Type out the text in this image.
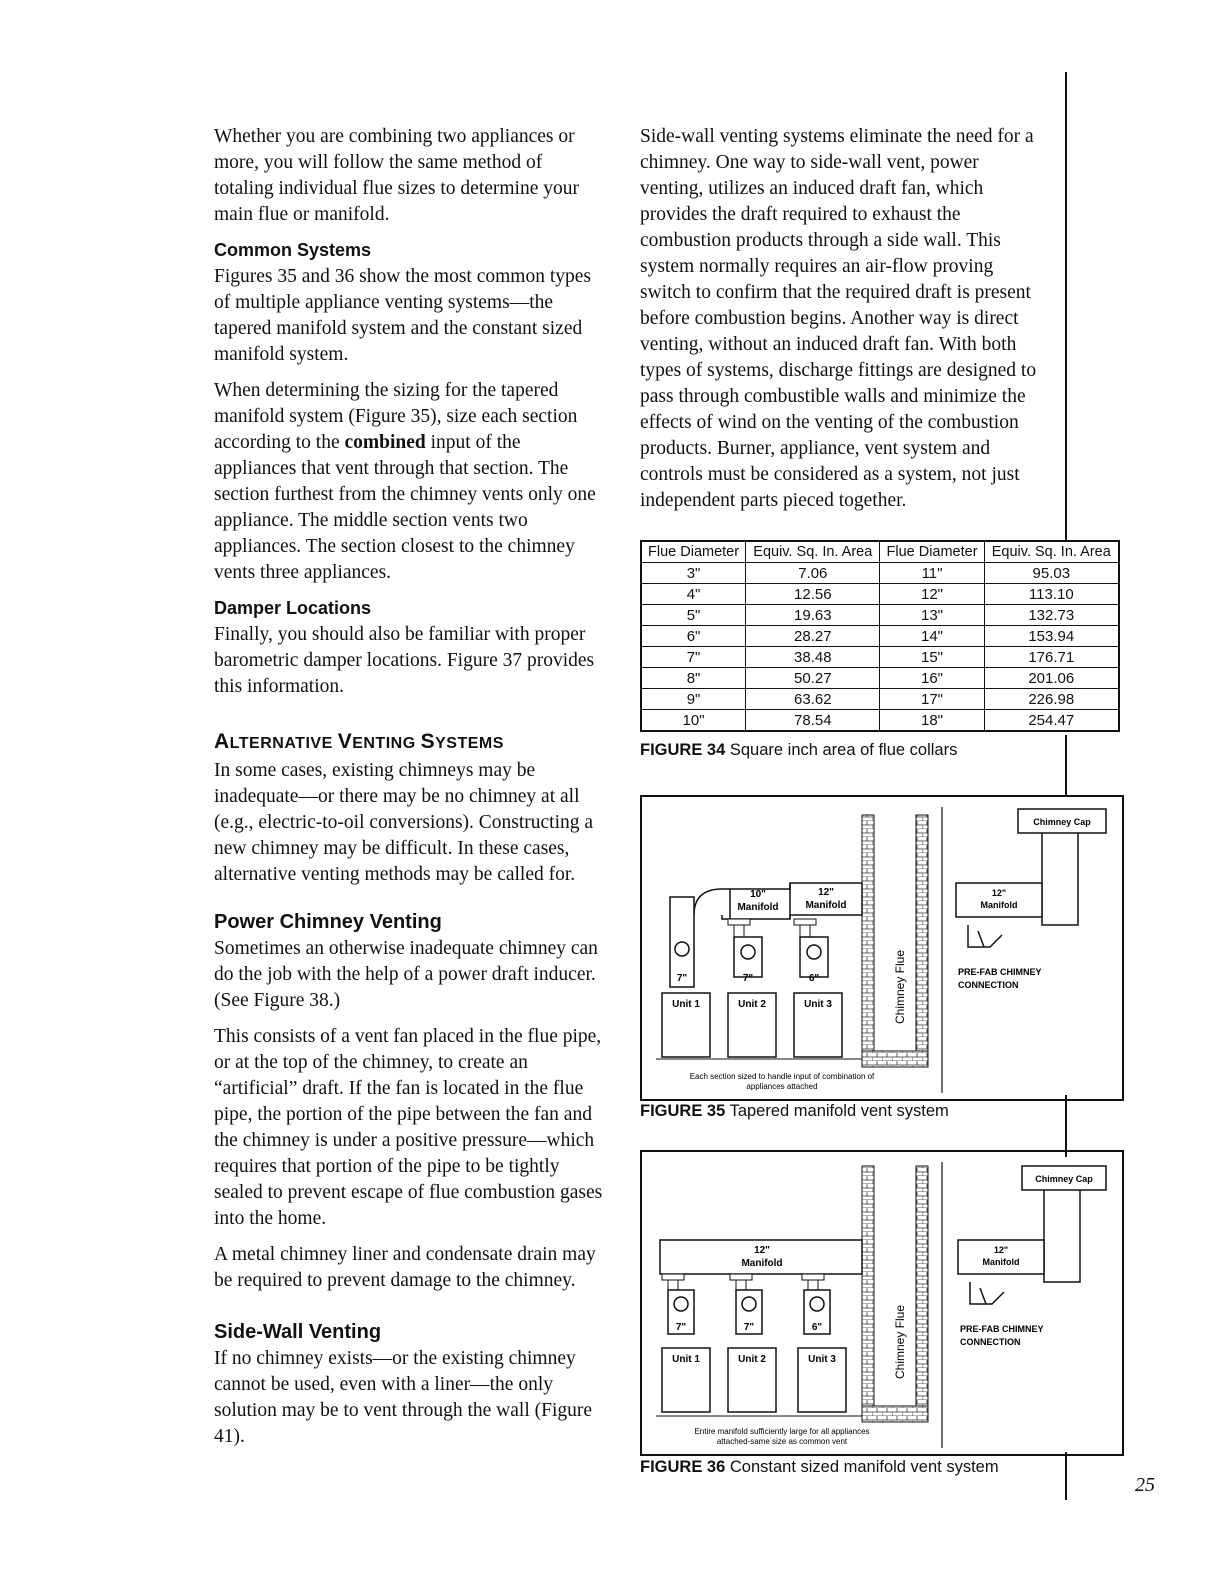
Whether you are combining two appliances or more, you will follow the same method of totaling individual flue sizes to determine your main flue or manifold.

Common Systems

Figures 35 and 36 show the most common types of multiple appliance venting systems—the tapered manifold system and the constant sized manifold system.

When determining the sizing for the tapered manifold system (Figure 35), size each section according to the combined input of the appliances that vent through that section. The section furthest from the chimney vents only one appliance. The middle section vents two appliances. The section closest to the chimney vents three appliances.

Damper Locations

Finally, you should also be familiar with proper barometric damper locations. Figure 37 provides this information.

ALTERNATIVE VENTING SYSTEMS

In some cases, existing chimneys may be inadequate—or there may be no chimney at all (e.g., electric-to-oil conversions). Constructing a new chimney may be difficult. In these cases, alternative venting methods may be called for.

Power Chimney Venting

Sometimes an otherwise inadequate chimney can do the job with the help of a power draft inducer. (See Figure 38.)

This consists of a vent fan placed in the flue pipe, or at the top of the chimney, to create an “artificial” draft. If the fan is located in the flue pipe, the portion of the pipe between the fan and the chimney is under a positive pressure—which requires that portion of the pipe to be tightly sealed to prevent escape of flue combustion gases into the home.

A metal chimney liner and condensate drain may be required to prevent damage to the chimney.

Side-Wall Venting

If no chimney exists—or the existing chimney cannot be used, even with a liner—the only solution may be to vent through the wall (Figure 41).

Side-wall venting systems eliminate the need for a chimney. One way to side-wall vent, power venting, utilizes an induced draft fan, which provides the draft required to exhaust the combustion products through a side wall. This system normally requires an air-flow proving switch to confirm that the required draft is present before combustion begins. Another way is direct venting, without an induced draft fan. With both types of systems, discharge fittings are designed to pass through combustible walls and minimize the effects of wind on the venting of the combustion products. Burner, appliance, vent system and controls must be considered as a system, not just independent parts pieced together.

Flue Diameter	Equiv. Sq. In. Area	Flue Diameter	Equiv. Sq. In. Area
3"	7.06	11"	95.03
4"	12.56	12"	113.10
5"	19.63	13"	132.73
6"	28.27	14"	153.94
7"	38.48	15"	176.71
8"	50.27	16"	201.06
9"	63.62	17"	226.98
10"	78.54	18"	254.47
FIGURE 34 Square inch area of flue collars
Chimney Flue
10"
Manifold
12"
Manifold
7"	7"	6"
Unit 1	Unit 2	Unit 3
Each section sized to handle input of combination of
appliances attached
Chimney Cap
12"
Manifold
PRE-FAB CHIMNEY
CONNECTION
FIGURE 35 Tapered manifold vent system
Chimney Flue
12"
Manifold
7"	7"	6"
Unit 1	Unit 2	Unit 3
Entire manifold sufficiently large for all appliances
attached-same size as common vent
Chimney Cap
12"
Manifold
PRE-FAB CHIMNEY
CONNECTION
FIGURE 36 Constant sized manifold vent system
25
